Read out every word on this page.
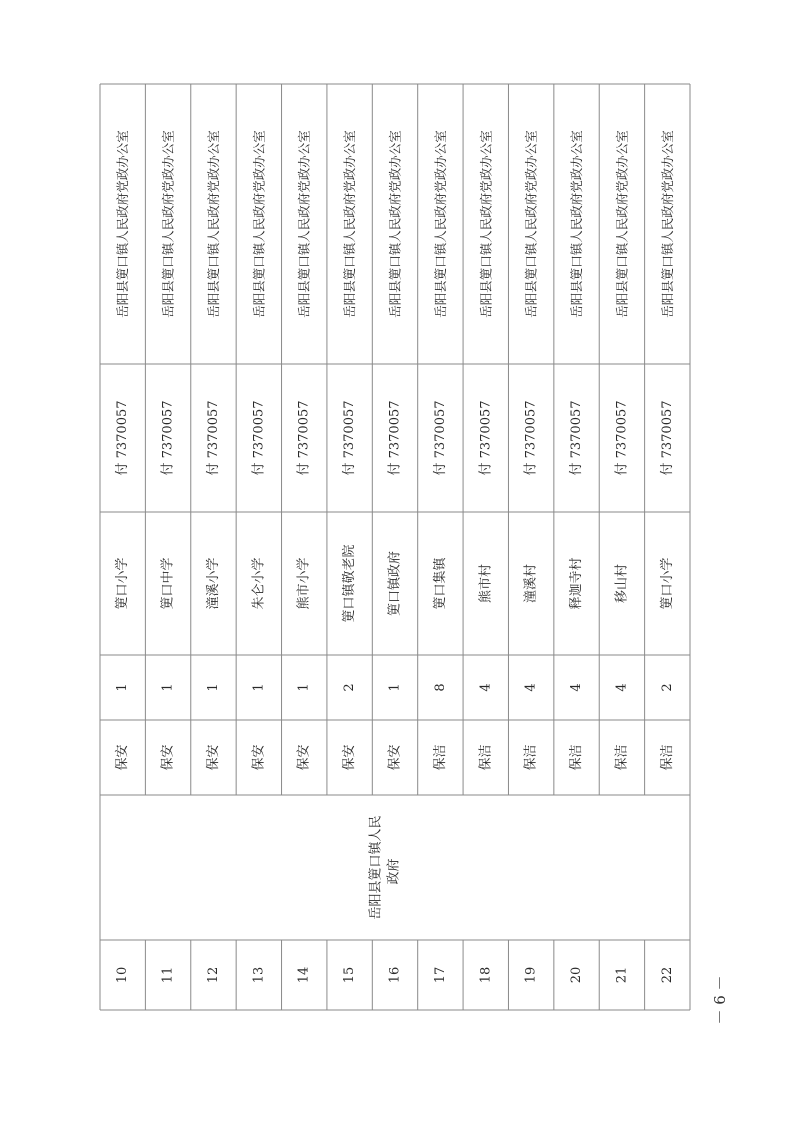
10
保安
1
筻口小学
付 7370057
岳阳县筻口镇人民政府党政办公室
11
保安
1
筻口中学
付 7370057
岳阳县筻口镇人民政府党政办公室
12
保安
1
潼溪小学
付 7370057
岳阳县筻口镇人民政府党政办公室
13
保安
1
朱仑小学
付 7370057
岳阳县筻口镇人民政府党政办公室
14
保安
1
熊市小学
付 7370057
岳阳县筻口镇人民政府党政办公室
15
保安
2
筻口镇敬老院
付 7370057
岳阳县筻口镇人民政府党政办公室
16
保安
1
筻口镇政府
付 7370057
岳阳县筻口镇人民政府党政办公室
17
保洁
8
筻口集镇
付 7370057
岳阳县筻口镇人民政府党政办公室
18
保洁
4
熊市村
付 7370057
岳阳县筻口镇人民政府党政办公室
19
保洁
4
潼溪村
付 7370057
岳阳县筻口镇人民政府党政办公室
20
保洁
4
释迦寺村
付 7370057
岳阳县筻口镇人民政府党政办公室
21
保洁
4
移山村
付 7370057
岳阳县筻口镇人民政府党政办公室
22
保洁
2
筻口小学
付 7370057
岳阳县筻口镇人民政府党政办公室
岳阳县筻口镇人民 政府
－ 6 －
